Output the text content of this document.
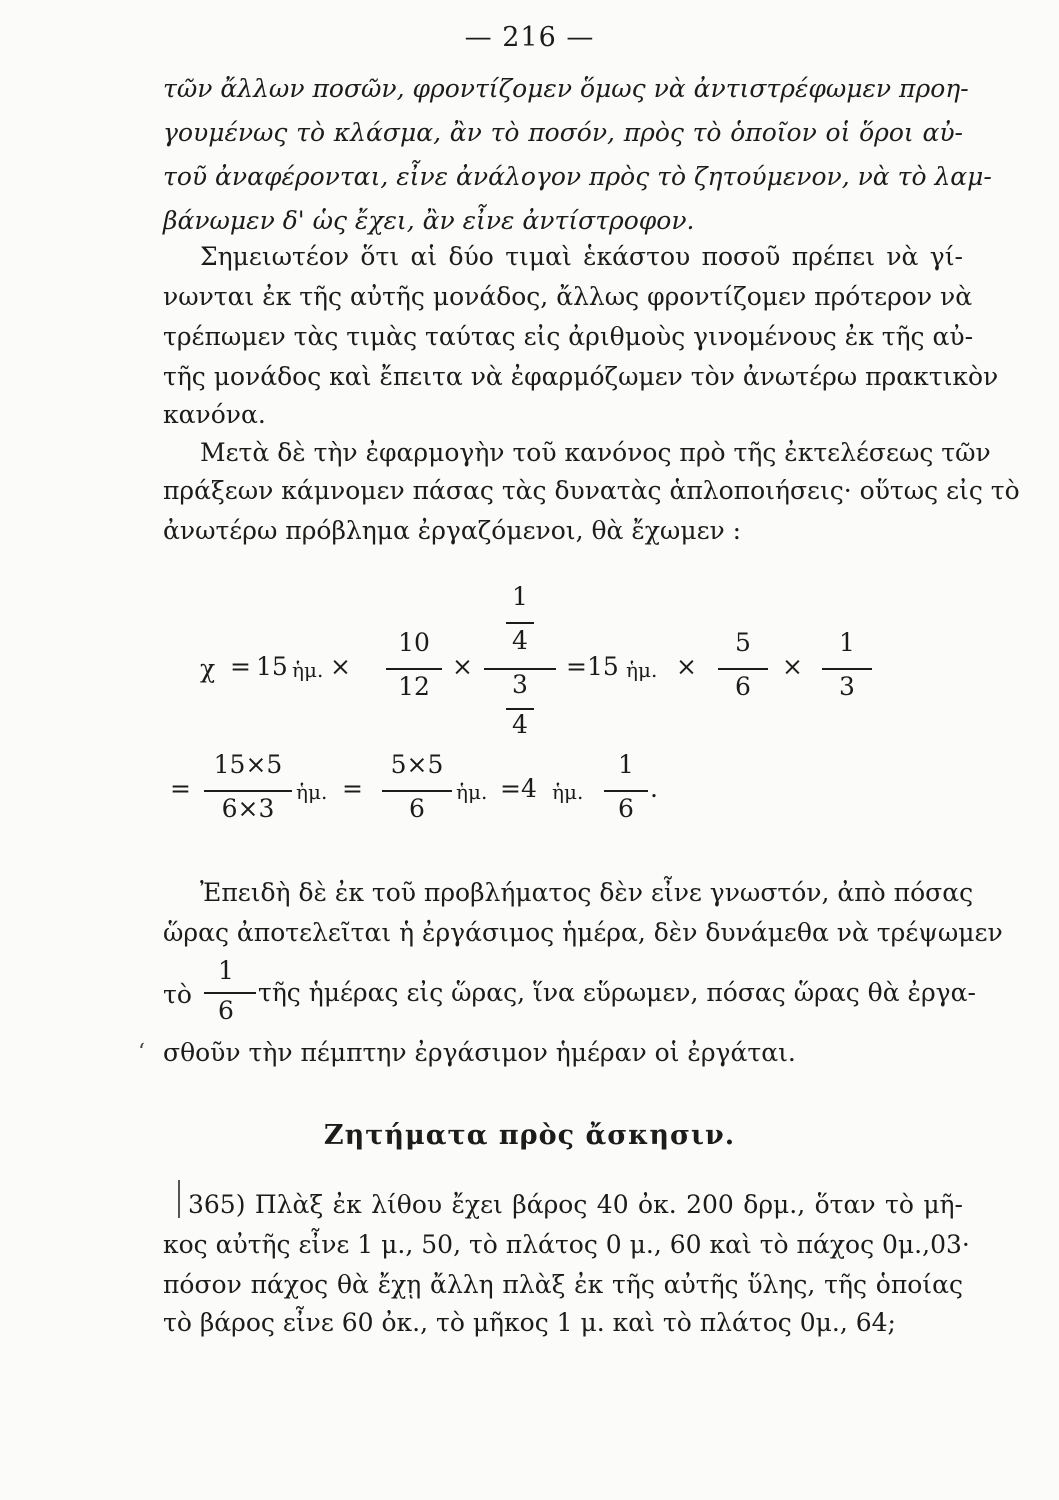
— 216 —
τῶν ἄλλων ποσῶν, φροντίζομεν ὅμως νὰ ἀντιστρέφωμεν προη-
γουμένως τὸ κλάσμα, ἂν τὸ ποσόν, πρὸς τὸ ὁποῖον οἱ ὅροι αὐ-
τοῦ ἀναφέρονται, εἶνε ἀνάλογον πρὸς τὸ ζητούμενον, νὰ τὸ λαμ-
βάνωμεν δ' ὡς ἔχει, ἂν εἶνε ἀντίστροφον.
Σημειωτέον ὅτι αἱ δύο τιμαὶ ἑκάστου ποσοῦ πρέπει νὰ γί-
νωνται ἐκ τῆς αὐτῆς μονάδος, ἄλλως φροντίζομεν πρότερον νὰ
τρέπωμεν τὰς τιμὰς ταύτας εἰς ἀριθμοὺς γινομένους ἐκ τῆς αὐ-
τῆς μονάδος καὶ ἔπειτα νὰ ἐφαρμόζωμεν τὸν ἀνωτέρω πρακτικὸν
κανόνα.
Μετὰ δὲ τὴν ἐφαρμογὴν τοῦ κανόνος πρὸ τῆς ἐκτελέσεως τῶν
πράξεων κάμνομεν πάσας τὰς δυνατὰς ἁπλοποιήσεις· οὕτως εἰς τὸ
ἀνωτέρω πρόβλημα ἐργαζόμενοι, θὰ ἔχωμεν :
χ = 15 ἡμ. ×
10
12
×
1
4
3
4
=15 ἡμ. ×
5
6
×
1
3
=
15×5
6×3
ἡμ. =
5×5
6
ἡμ. =4 ἡμ.
1
6
.
Ἐπειδὴ δὲ ἐκ τοῦ προβλήματος δὲν εἶνε γνωστόν, ἀπὸ πόσας
ὥρας ἀποτελεῖται ἡ ἐργάσιμος ἡμέρα, δὲν δυνάμεθα νὰ τρέψωμεν
τὸ
1
6
τῆς ἡμέρας εἰς ὥρας, ἵνα εὕρωμεν, πόσας ὥρας θὰ ἐργα-
σθοῦν τὴν πέμπτην ἐργάσιμον ἡμέραν οἱ ἐργάται.
‘
Ζητήματα πρὸς ἄσκησιν.
365) Πλὰξ ἐκ λίθου ἔχει βάρος 40 ὀκ. 200 δρμ., ὅταν τὸ μῆ-
κος αὐτῆς εἶνε 1 μ., 50, τὸ πλάτος 0 μ., 60 καὶ τὸ πάχος 0μ.,03·
πόσον πάχος θὰ ἔχῃ ἄλλη πλὰξ ἐκ τῆς αὐτῆς ὕλης, τῆς ὁποίας
τὸ βάρος εἶνε 60 ὀκ., τὸ μῆκος 1 μ. καὶ τὸ πλάτος 0μ., 64;
